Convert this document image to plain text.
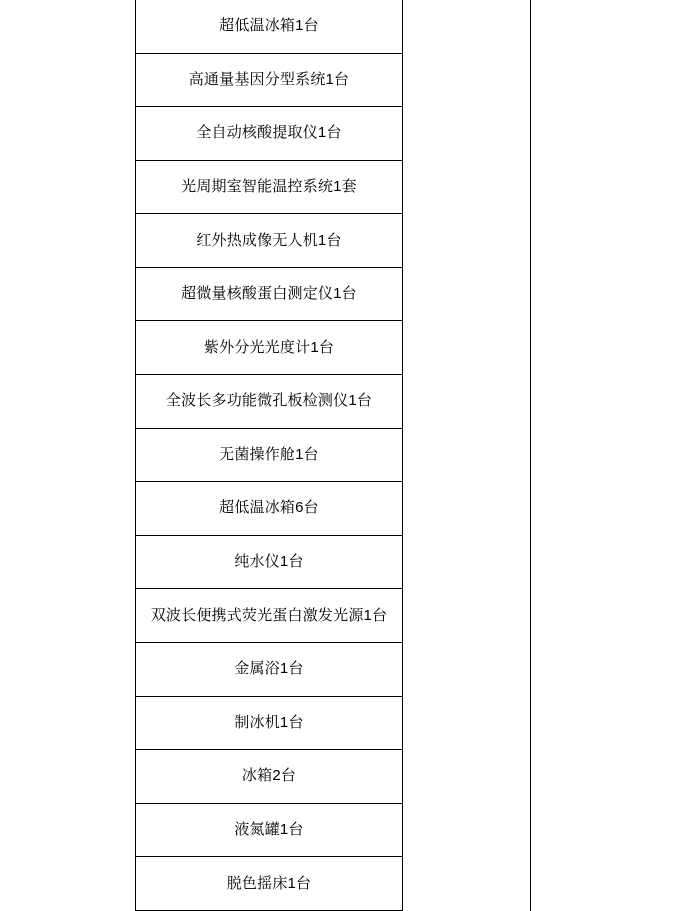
超低温冰箱1台

高通量基因分型系统1台

全自动核酸提取仪1台

光周期室智能温控系统1套

红外热成像无人机1台

超微量核酸蛋白测定仪1台

紫外分光光度计1台

全波长多功能微孔板检测仪1台

无菌操作舱1台

超低温冰箱6台

纯水仪1台

双波长便携式荧光蛋白激发光源1台

金属浴1台

制冰机1台

冰箱2台

液氮罐1台

脱色摇床1台
